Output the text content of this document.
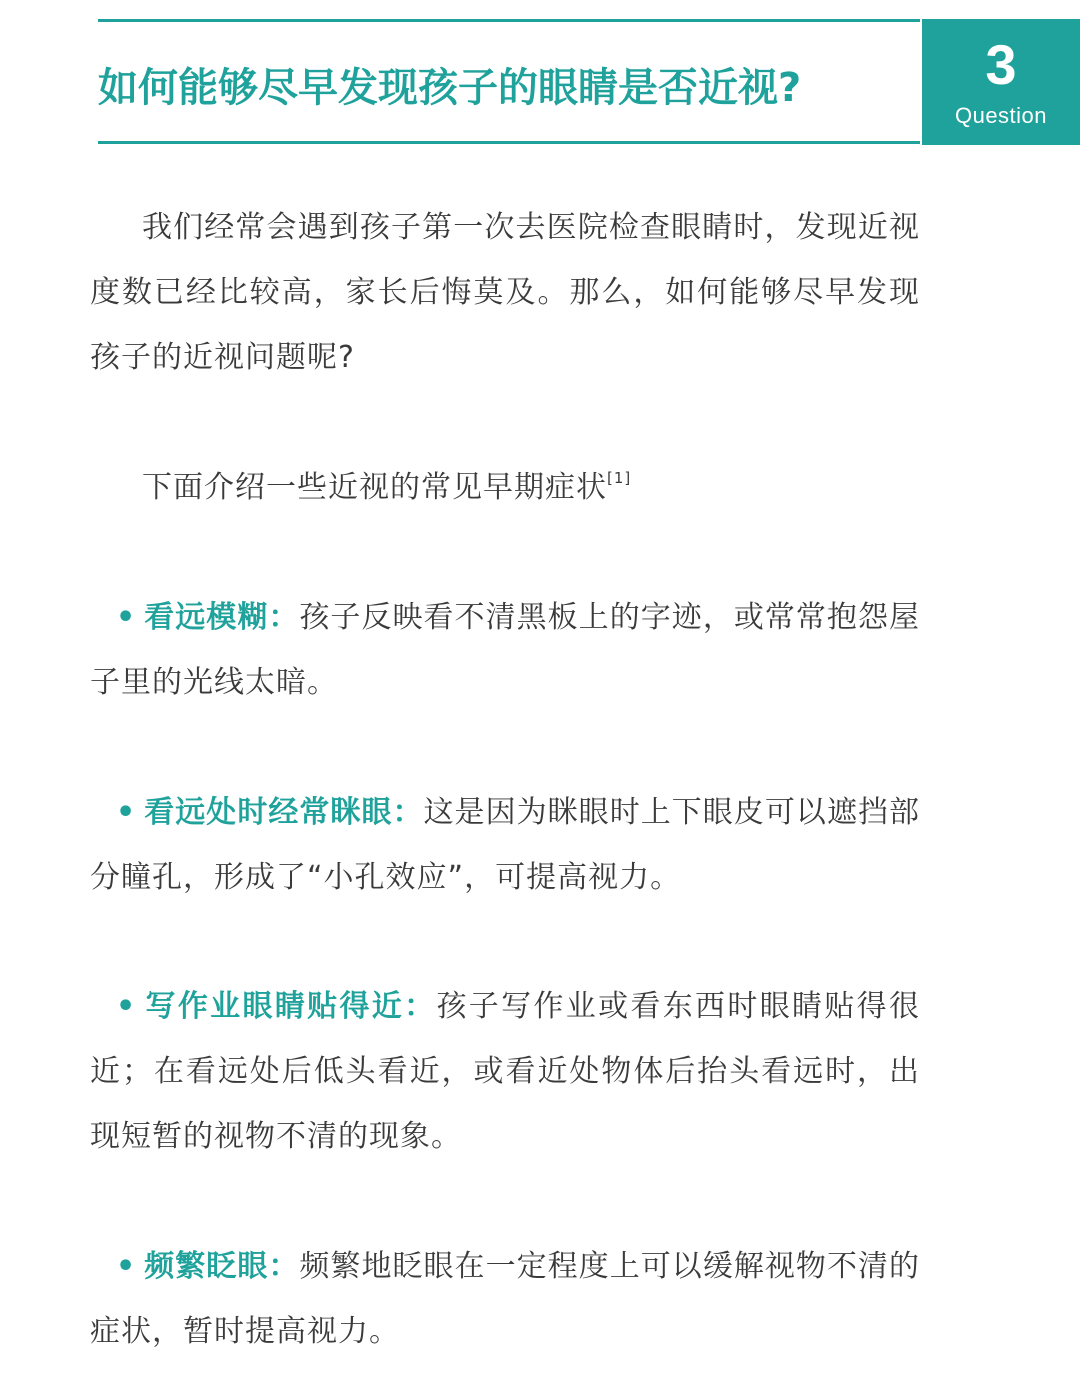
如何能够尽早发现孩子的眼睛是否近视?	3
Question

我们经常会遇到孩子第一次去医院检查眼睛时，发现近视度数已经比较高，家长后悔莫及。那么，如何能够尽早发现孩子的近视问题呢?

下面介绍一些近视的常见早期症状[1]

• 看远模糊：孩子反映看不清黑板上的字迹，或常常抱怨屋子里的光线太暗。

• 看远处时经常眯眼：这是因为眯眼时上下眼皮可以遮挡部分瞳孔，形成了“小孔效应”，可提高视力。

• 写作业眼睛贴得近：孩子写作业或看东西时眼睛贴得很近；在看远处后低头看近，或看近处物体后抬头看远时，出现短暂的视物不清的现象。

• 频繁眨眼：频繁地眨眼在一定程度上可以缓解视物不清的症状，暂时提高视力。
